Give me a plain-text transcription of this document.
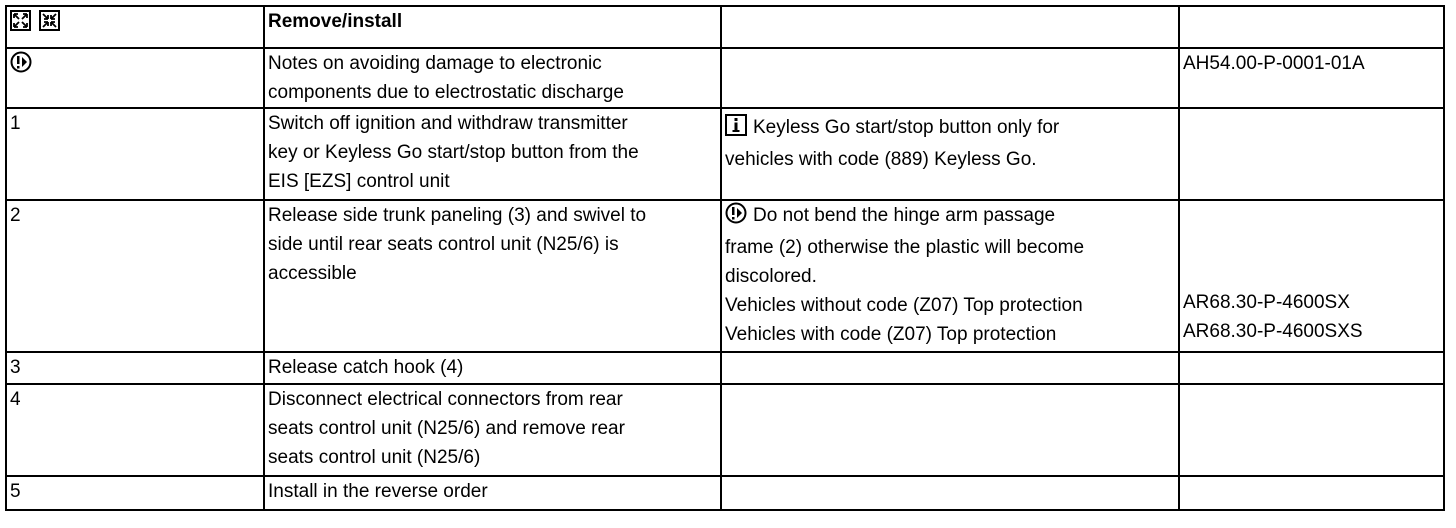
	Remove/install		

Notes on avoiding damage to electronic
components due to electrostatic discharge		AH54.00-P-0001-01A

1	Switch off ignition and withdraw transmitter
key or Keyless Go start/stop button from the
EIS [EZS] control unit	Keyless Go start/stop button only for
vehicles with code (889) Keyless Go.	

2	Release side trunk paneling (3) and swivel to
side until rear seats control unit (N25/6) is
accessible	Do not bend the hinge arm passage
frame (2) otherwise the plastic will become
discolored.
Vehicles without code (Z07) Top protection
Vehicles with code (Z07) Top protection	AR68.30-P-4600SX
AR68.30-P-4600SXS

3	Release catch hook (4)		

4	Disconnect electrical connectors from rear
seats control unit (N25/6) and remove rear
seats control unit (N25/6)		

5	Install in the reverse order		
